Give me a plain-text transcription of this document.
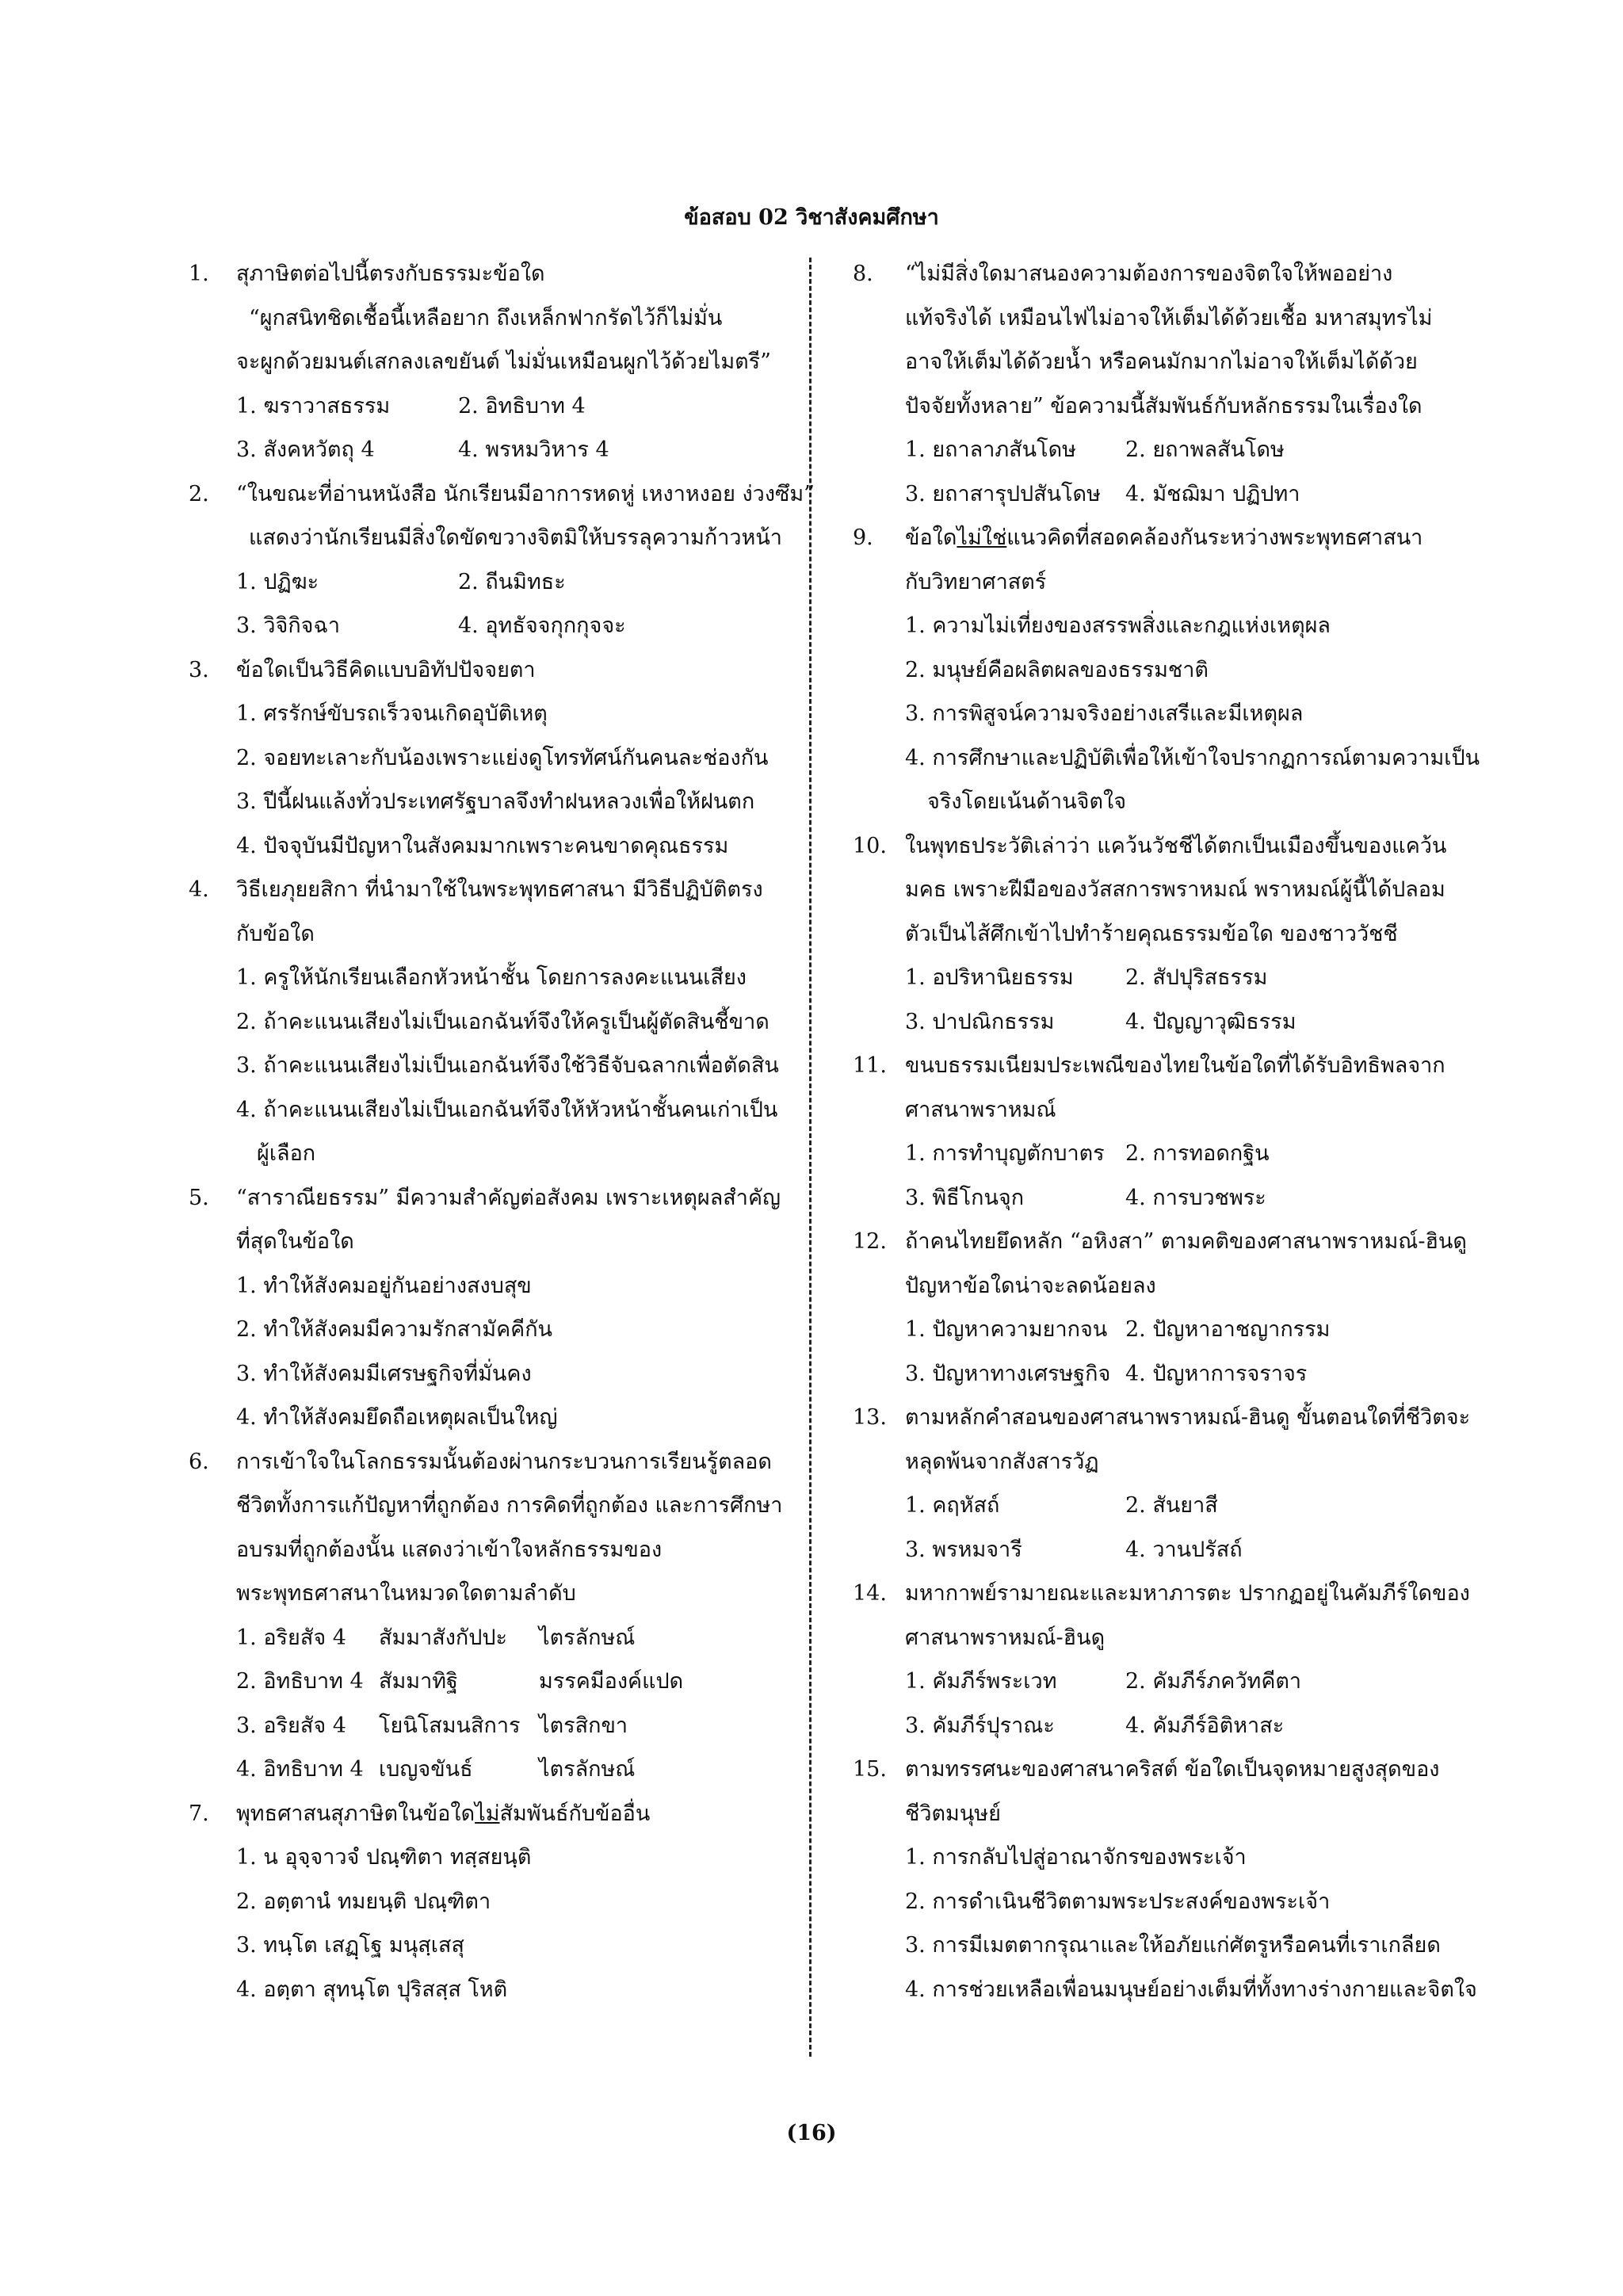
ข้อสอบ 02 วิชาสังคมศึกษา
1. สุภาษิตต่อไปนี้ตรงกับธรรมะข้อใด
“ผูกสนิทชิดเชื้อนี้เหลือยาก ถึงเหล็กฟากรัดไว้ก็ไม่มั่น
จะผูกด้วยมนต์เสกลงเลขยันต์ ไม่มั่นเหมือนผูกไว้ด้วยไมตรี”
1. ฆราวาสธรรม	2. อิทธิบาท 4
3. สังคหวัตถุ 4	4. พรหมวิหาร 4
2. “ในขณะที่อ่านหนังสือ นักเรียนมีอาการหดหู่ เหงาหงอย ง่วงซึม”
แสดงว่านักเรียนมีสิ่งใดขัดขวางจิตมิให้บรรลุความก้าวหน้า
1. ปฏิฆะ	2. ถีนมิทธะ
3. วิจิกิจฉา	4. อุทธัจจกุกกุจจะ
3. ข้อใดเป็นวิธีคิดแบบอิทัปปัจจยตา
1. ศรรักษ์ขับรถเร็วจนเกิดอุบัติเหตุ
2. จอยทะเลาะกับน้องเพราะแย่งดูโทรทัศน์กันคนละช่องกัน
3. ปีนี้ฝนแล้งทั่วประเทศรัฐบาลจึงทำฝนหลวงเพื่อให้ฝนตก
4. ปัจจุบันมีปัญหาในสังคมมากเพราะคนขาดคุณธรรม
4. วิธีเยภุยยสิกา ที่นำมาใช้ในพระพุทธศาสนา มีวิธีปฏิบัติตรง
กับข้อใด
1. ครูให้นักเรียนเลือกหัวหน้าชั้น โดยการลงคะแนนเสียง
2. ถ้าคะแนนเสียงไม่เป็นเอกฉันท์จึงให้ครูเป็นผู้ตัดสินชี้ขาด
3. ถ้าคะแนนเสียงไม่เป็นเอกฉันท์จึงใช้วิธีจับฉลากเพื่อตัดสิน
4. ถ้าคะแนนเสียงไม่เป็นเอกฉันท์จึงให้หัวหน้าชั้นคนเก่าเป็น
ผู้เลือก
5. “สาราณียธรรม” มีความสำคัญต่อสังคม เพราะเหตุผลสำคัญ
ที่สุดในข้อใด
1. ทำให้สังคมอยู่กันอย่างสงบสุข
2. ทำให้สังคมมีความรักสามัคคีกัน
3. ทำให้สังคมมีเศรษฐกิจที่มั่นคง
4. ทำให้สังคมยึดถือเหตุผลเป็นใหญ่
6. การเข้าใจในโลกธรรมนั้นต้องผ่านกระบวนการเรียนรู้ตลอด
ชีวิตทั้งการแก้ปัญหาที่ถูกต้อง การคิดที่ถูกต้อง และการศึกษา
อบรมที่ถูกต้องนั้น แสดงว่าเข้าใจหลักธรรมของ
พระพุทธศาสนาในหมวดใดตามลำดับ
1. อริยสัจ 4	สัมมาสังกัปปะ	ไตรลักษณ์
2. อิทธิบาท 4 สัมมาทิฐิ	มรรคมีองค์แปด
3. อริยสัจ 4	โยนิโสมนสิการ ไตรสิกขา
4. อิทธิบาท 4 เบญจขันธ์	ไตรลักษณ์
7. พุทธศาสนสุภาษิตในข้อใดไม่สัมพันธ์กับข้ออื่น
1. น อุจฺจาวจํ ปณฺฑิตา ทสฺสยนฺติ
2. อตฺตานํ ทมยนฺติ ปณฺฑิตา
3. ทนฺโต เสฏฺโฐ มนุสฺเสสุ
4. อตฺตา สุทนฺโต ปุริสสฺส โหติ
8. “ไม่มีสิ่งใดมาสนองความต้องการของจิตใจให้พออย่าง
แท้จริงได้ เหมือนไฟไม่อาจให้เต็มได้ด้วยเชื้อ มหาสมุทรไม่
อาจให้เต็มได้ด้วยน้ำ หรือคนมักมากไม่อาจให้เต็มได้ด้วย
ปัจจัยทั้งหลาย” ข้อความนี้สัมพันธ์กับหลักธรรมในเรื่องใด
1. ยถาลาภสันโดษ	2. ยถาพลสันโดษ
3. ยถาสารุปปสันโดษ	4. มัชฌิมา ปฏิปทา
9. ข้อใดไม่ใช่แนวคิดที่สอดคล้องกันระหว่างพระพุทธศาสนา
กับวิทยาศาสตร์
1. ความไม่เที่ยงของสรรพสิ่งและกฎแห่งเหตุผล
2. มนุษย์คือผลิตผลของธรรมชาติ
3. การพิสูจน์ความจริงอย่างเสรีและมีเหตุผล
4. การศึกษาและปฏิบัติเพื่อให้เข้าใจปรากฏการณ์ตามความเป็น
จริงโดยเน้นด้านจิตใจ
10. ในพุทธประวัติเล่าว่า แคว้นวัชชีได้ตกเป็นเมืองขึ้นของแคว้น
มคธ เพราะฝีมือของวัสสการพราหมณ์ พราหมณ์ผู้นี้ได้ปลอม
ตัวเป็นไส้ศึกเข้าไปทำร้ายคุณธรรมข้อใด ของชาววัชชี
1. อปริหานิยธรรม	2. สัปปุริสธรรม
3. ปาปณิกธรรม	4. ปัญญาวุฒิธรรม
11. ขนบธรรมเนียมประเพณีของไทยในข้อใดที่ได้รับอิทธิพลจาก
ศาสนาพราหมณ์
1. การทำบุญตักบาตร 2. การทอดกฐิน
3. พิธีโกนจุก	4. การบวชพระ
12. ถ้าคนไทยยึดหลัก “อหิงสา” ตามคติของศาสนาพราหมณ์-ฮินดู
ปัญหาข้อใดน่าจะลดน้อยลง
1. ปัญหาความยากจน 2. ปัญหาอาชญากรรม
3. ปัญหาทางเศรษฐกิจ 4. ปัญหาการจราจร
13. ตามหลักคำสอนของศาสนาพราหมณ์-ฮินดู ขั้นตอนใดที่ชีวิตจะ
หลุดพ้นจากสังสารวัฏ
1. คฤหัสถ์	2. สันยาสี
3. พรหมจารี	4. วานปรัสถ์
14. มหากาพย์รามายณะและมหาภารตะ ปรากฏอยู่ในคัมภีร์ใดของ
ศาสนาพราหมณ์-ฮินดู
1. คัมภีร์พระเวท	2. คัมภีร์ภควัทคีตา
3. คัมภีร์ปุราณะ	4. คัมภีร์อิติหาสะ
15. ตามทรรศนะของศาสนาคริสต์ ข้อใดเป็นจุดหมายสูงสุดของ
ชีวิตมนุษย์
1. การกลับไปสู่อาณาจักรของพระเจ้า
2. การดำเนินชีวิตตามพระประสงค์ของพระเจ้า
3. การมีเมตตากรุณาและให้อภัยแก่ศัตรูหรือคนที่เราเกลียด
4. การช่วยเหลือเพื่อนมนุษย์อย่างเต็มที่ทั้งทางร่างกายและจิตใจ
(16)
